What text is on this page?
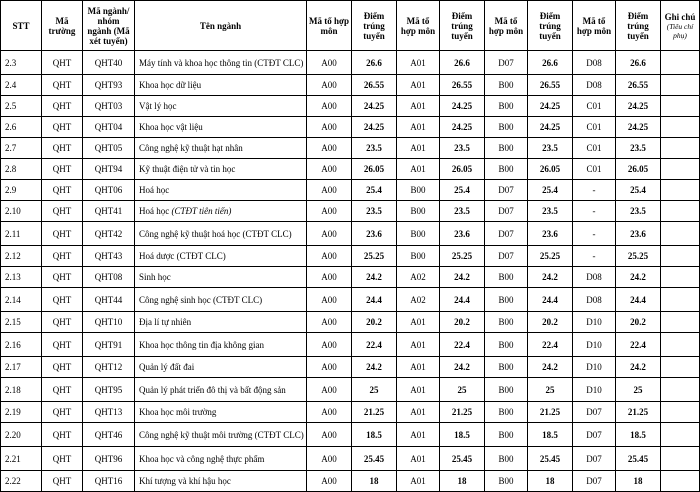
STT	Mã trường	Mã ngành/ nhóm ngành (Mã xét tuyển)	Tên ngành	Mã tổ hợp môn	Điểm trúng tuyển	Mã tổ hợp môn	Điểm trúng tuyển	Mã tổ hợp môn	Điểm trúng tuyển	Mã tổ hợp môn	Điểm trúng tuyển	Ghi chú
(Tiêu chí phụ)

2.3	QHT	QHT40	Máy tính và khoa học thông tin (CTĐT CLC)	A00	26.6	A01	26.6	D07	26.6	D08	26.6	
2.4	QHT	QHT93	Khoa học dữ liệu	A00	26.55	A01	26.55	B00	26.55	D08	26.55	
2.5	QHT	QHT03	Vật lý học	A00	24.25	A01	24.25	B00	24.25	C01	24.25	
2.6	QHT	QHT04	Khoa học vật liệu	A00	24.25	A01	24.25	B00	24.25	C01	24.25	
2.7	QHT	QHT05	Công nghệ kỹ thuật hạt nhân	A00	23.5	A01	23.5	B00	23.5	C01	23.5	
2.8	QHT	QHT94	Kỹ thuật điện tử và tin học	A00	26.05	A01	26.05	B00	26.05	C01	26.05	
2.9	QHT	QHT06	Hoá học	A00	25.4	B00	25.4	D07	25.4	-	25.4	
2.10	QHT	QHT41	Hoá học (CTĐT tiên tiến)	A00	23.5	B00	23.5	D07	23.5	-	23.5	
2.11	QHT	QHT42	Công nghệ kỹ thuật hoá học (CTĐT CLC)	A00	23.6	B00	23.6	D07	23.6	-	23.6	
2.12	QHT	QHT43	Hoá dược (CTĐT CLC)	A00	25.25	B00	25.25	D07	25.25	-	25.25	
2.13	QHT	QHT08	Sinh học	A00	24.2	A02	24.2	B00	24.2	D08	24.2	
2.14	QHT	QHT44	Công nghệ sinh học (CTĐT CLC)	A00	24.4	A02	24.4	B00	24.4	D08	24.4	
2.15	QHT	QHT10	Địa lí tự nhiên	A00	20.2	A01	20.2	B00	20.2	D10	20.2	
2.16	QHT	QHT91	Khoa học thông tin địa không gian	A00	22.4	A01	22.4	B00	22.4	D10	22.4	
2.17	QHT	QHT12	Quản lý đất đai	A00	24.2	A01	24.2	B00	24.2	D10	24.2	
2.18	QHT	QHT95	Quản lý phát triển đô thị và bất động sản	A00	25	A01	25	B00	25	D10	25	
2.19	QHT	QHT13	Khoa học môi trường	A00	21.25	A01	21.25	B00	21.25	D07	21.25	
2.20	QHT	QHT46	Công nghệ kỹ thuật môi trường (CTĐT CLC)	A00	18.5	A01	18.5	B00	18.5	D07	18.5	
2.21	QHT	QHT96	Khoa học và công nghệ thực phẩm	A00	25.45	A01	25.45	B00	25.45	D07	25.45	
2.22	QHT	QHT16	Khí tượng và khí hậu học	A00	18	A01	18	B00	18	D07	18	
